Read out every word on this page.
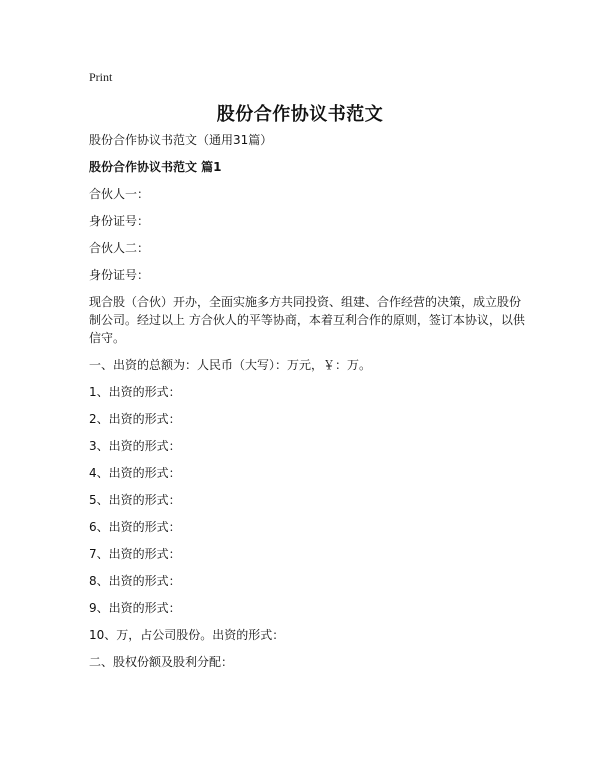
Print
股份合作协议书范文

股份合作协议书范文（通用31篇）

股份合作协议书范文 篇1

合伙人一：

身份证号：

合伙人二：

身份证号：

现合股（合伙）开办，全面实施多方共同投资、组建、合作经营的决策，成立股份制公司。经过以上 方合伙人的平等协商，本着互利合作的原则，签订本协议，以供信守。

一、出资的总额为：人民币（大写）：万元，￥：万。

1、出资的形式：

2、出资的形式：

3、出资的形式：

4、出资的形式：

5、出资的形式：

6、出资的形式：

7、出资的形式：

8、出资的形式：

9、出资的形式：

10、万，占公司股份。出资的形式：

二、股权份额及股利分配：
